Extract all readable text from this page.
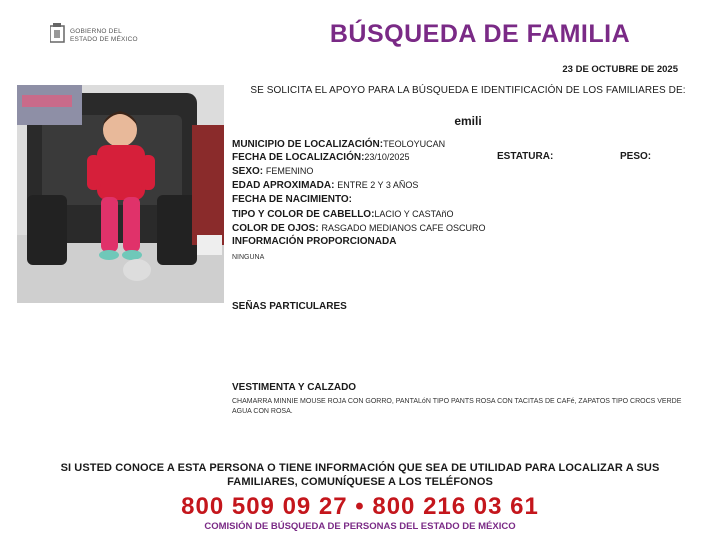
GOBIERNO DEL
ESTADO DE MÉXICO	BÚSQUEDA DE FAMILIA
23 DE OCTUBRE DE 2025
SE SOLICITA EL APOYO PARA LA BÚSQUEDA E IDENTIFICACIÓN DE LOS FAMILIARES DE:
emili
MUNICIPIO DE LOCALIZACIÓN:TEOLOYUCAN
FECHA DE LOCALIZACIÓN:23/10/2025	ESTATURA:	PESO:
SEXO: FEMENINO
EDAD APROXIMADA: ENTRE 2 Y 3 AÑOS
FECHA DE NACIMIENTO:
TIPO Y COLOR DE CABELLO:LACIO Y CASTAñO
COLOR DE OJOS: RASGADO MEDIANOS CAFE OSCURO
INFORMACIÓN PROPORCIONADA
NINGUNA
SEÑAS PARTICULARES
VESTIMENTA Y CALZADO
CHAMARRA MINNIE MOUSE ROJA CON GORRO, PANTALóN TIPO PANTS ROSA CON TACITAS DE CAFé, ZAPATOS TIPO CROCS VERDE AGUA CON ROSA.
SI USTED CONOCE A ESTA PERSONA O TIENE INFORMACIÓN QUE SEA DE UTILIDAD PARA LOCALIZAR A SUS FAMILIARES, COMUNÍQUESE A LOS TELÉFONOS
800 509 09 27 • 800 216 03 61
COMISIÓN DE BÚSQUEDA DE PERSONAS DEL ESTADO DE MÉXICO
